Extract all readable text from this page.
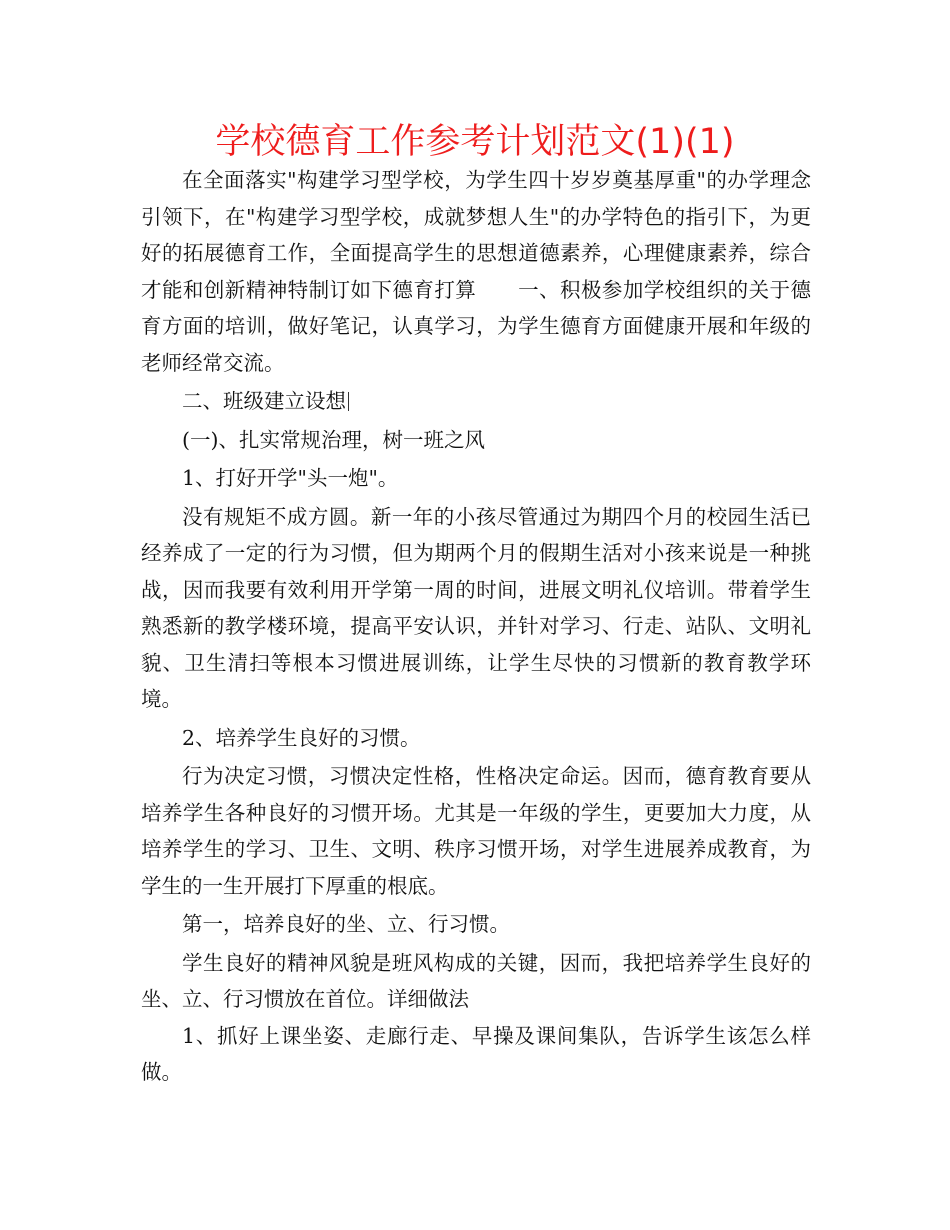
学校德育工作参考计划范文(1)(1)

在全面落实"构建学习型学校，为学生四十岁岁奠基厚重"的办学理念引领下，在"构建学习型学校，成就梦想人生"的办学特色的指引下，为更好的拓展德育工作，全面提高学生的思想道德素养，心理健康素养，综合才能和创新精神特制订如下德育打算　　一、积极参加学校组织的关于德育方面的培训，做好笔记，认真学习，为学生德育方面健康开展和年级的老师经常交流。

二、班级建立设想

(一)、扎实常规治理，树一班之风

1、打好开学"头一炮"。

没有规矩不成方圆。新一年的小孩尽管通过为期四个月的校园生活已经养成了一定的行为习惯，但为期两个月的假期生活对小孩来说是一种挑战，因而我要有效利用开学第一周的时间，进展文明礼仪培训。带着学生熟悉新的教学楼环境，提高平安认识，并针对学习、行走、站队、文明礼貌、卫生清扫等根本习惯进展训练，让学生尽快的习惯新的教育教学环境。

2、培养学生良好的习惯。

行为决定习惯，习惯决定性格，性格决定命运。因而，德育教育要从培养学生各种良好的习惯开场。尤其是一年级的学生，更要加大力度，从培养学生的学习、卫生、文明、秩序习惯开场，对学生进展养成教育，为学生的一生开展打下厚重的根底。

第一，培养良好的坐、立、行习惯。

学生良好的精神风貌是班风构成的关键，因而，我把培养学生良好的坐、立、行习惯放在首位。详细做法

1、抓好上课坐姿、走廊行走、早操及课间集队，告诉学生该怎么样做。
